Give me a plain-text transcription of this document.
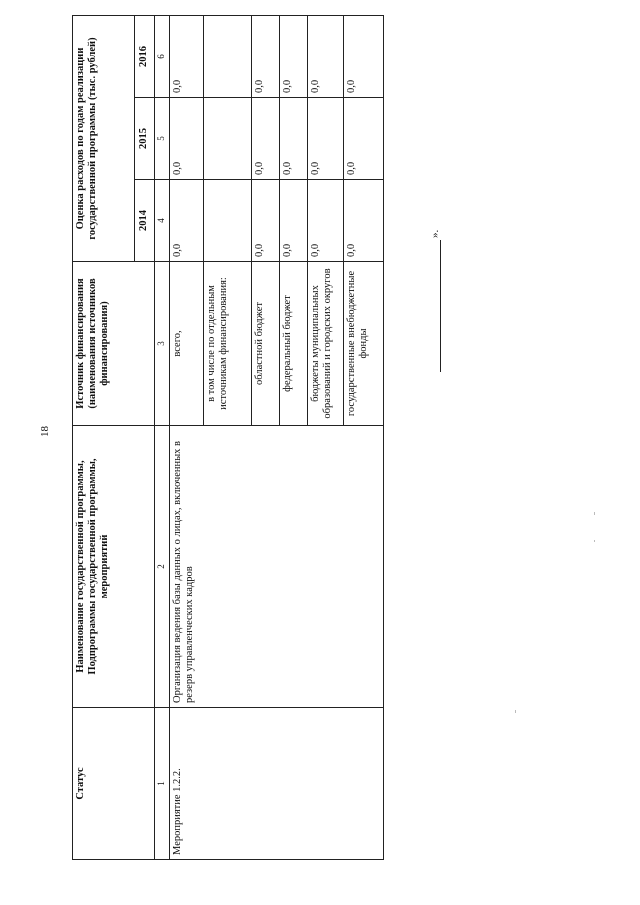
18
Статус	Наименование государственной программы, Подпрограммы государственной программы, мероприятий	Источник финансирования (наименования источников финансирования)	Оценка расходов по годам реализации государственной программы (тыс. рублей)		
			2014	2015	2016
1	2	3	4	5	6
Мероприятие 1.2.2.	Организация ведения базы данных о лицах, включенных в резерв управленческих кадров	всего,	0,0	0,0	0,0
		в том числе по отдельным источникам финансирования:			
		областной бюджет	0,0	0,0	0,0
		федеральный бюджет	0,0	0,0	0,0
		бюджеты муниципальных образований и городских округов	0,0	0,0	0,0
		государственные внебюджетные фонды	0,0	0,0	0,0
».
